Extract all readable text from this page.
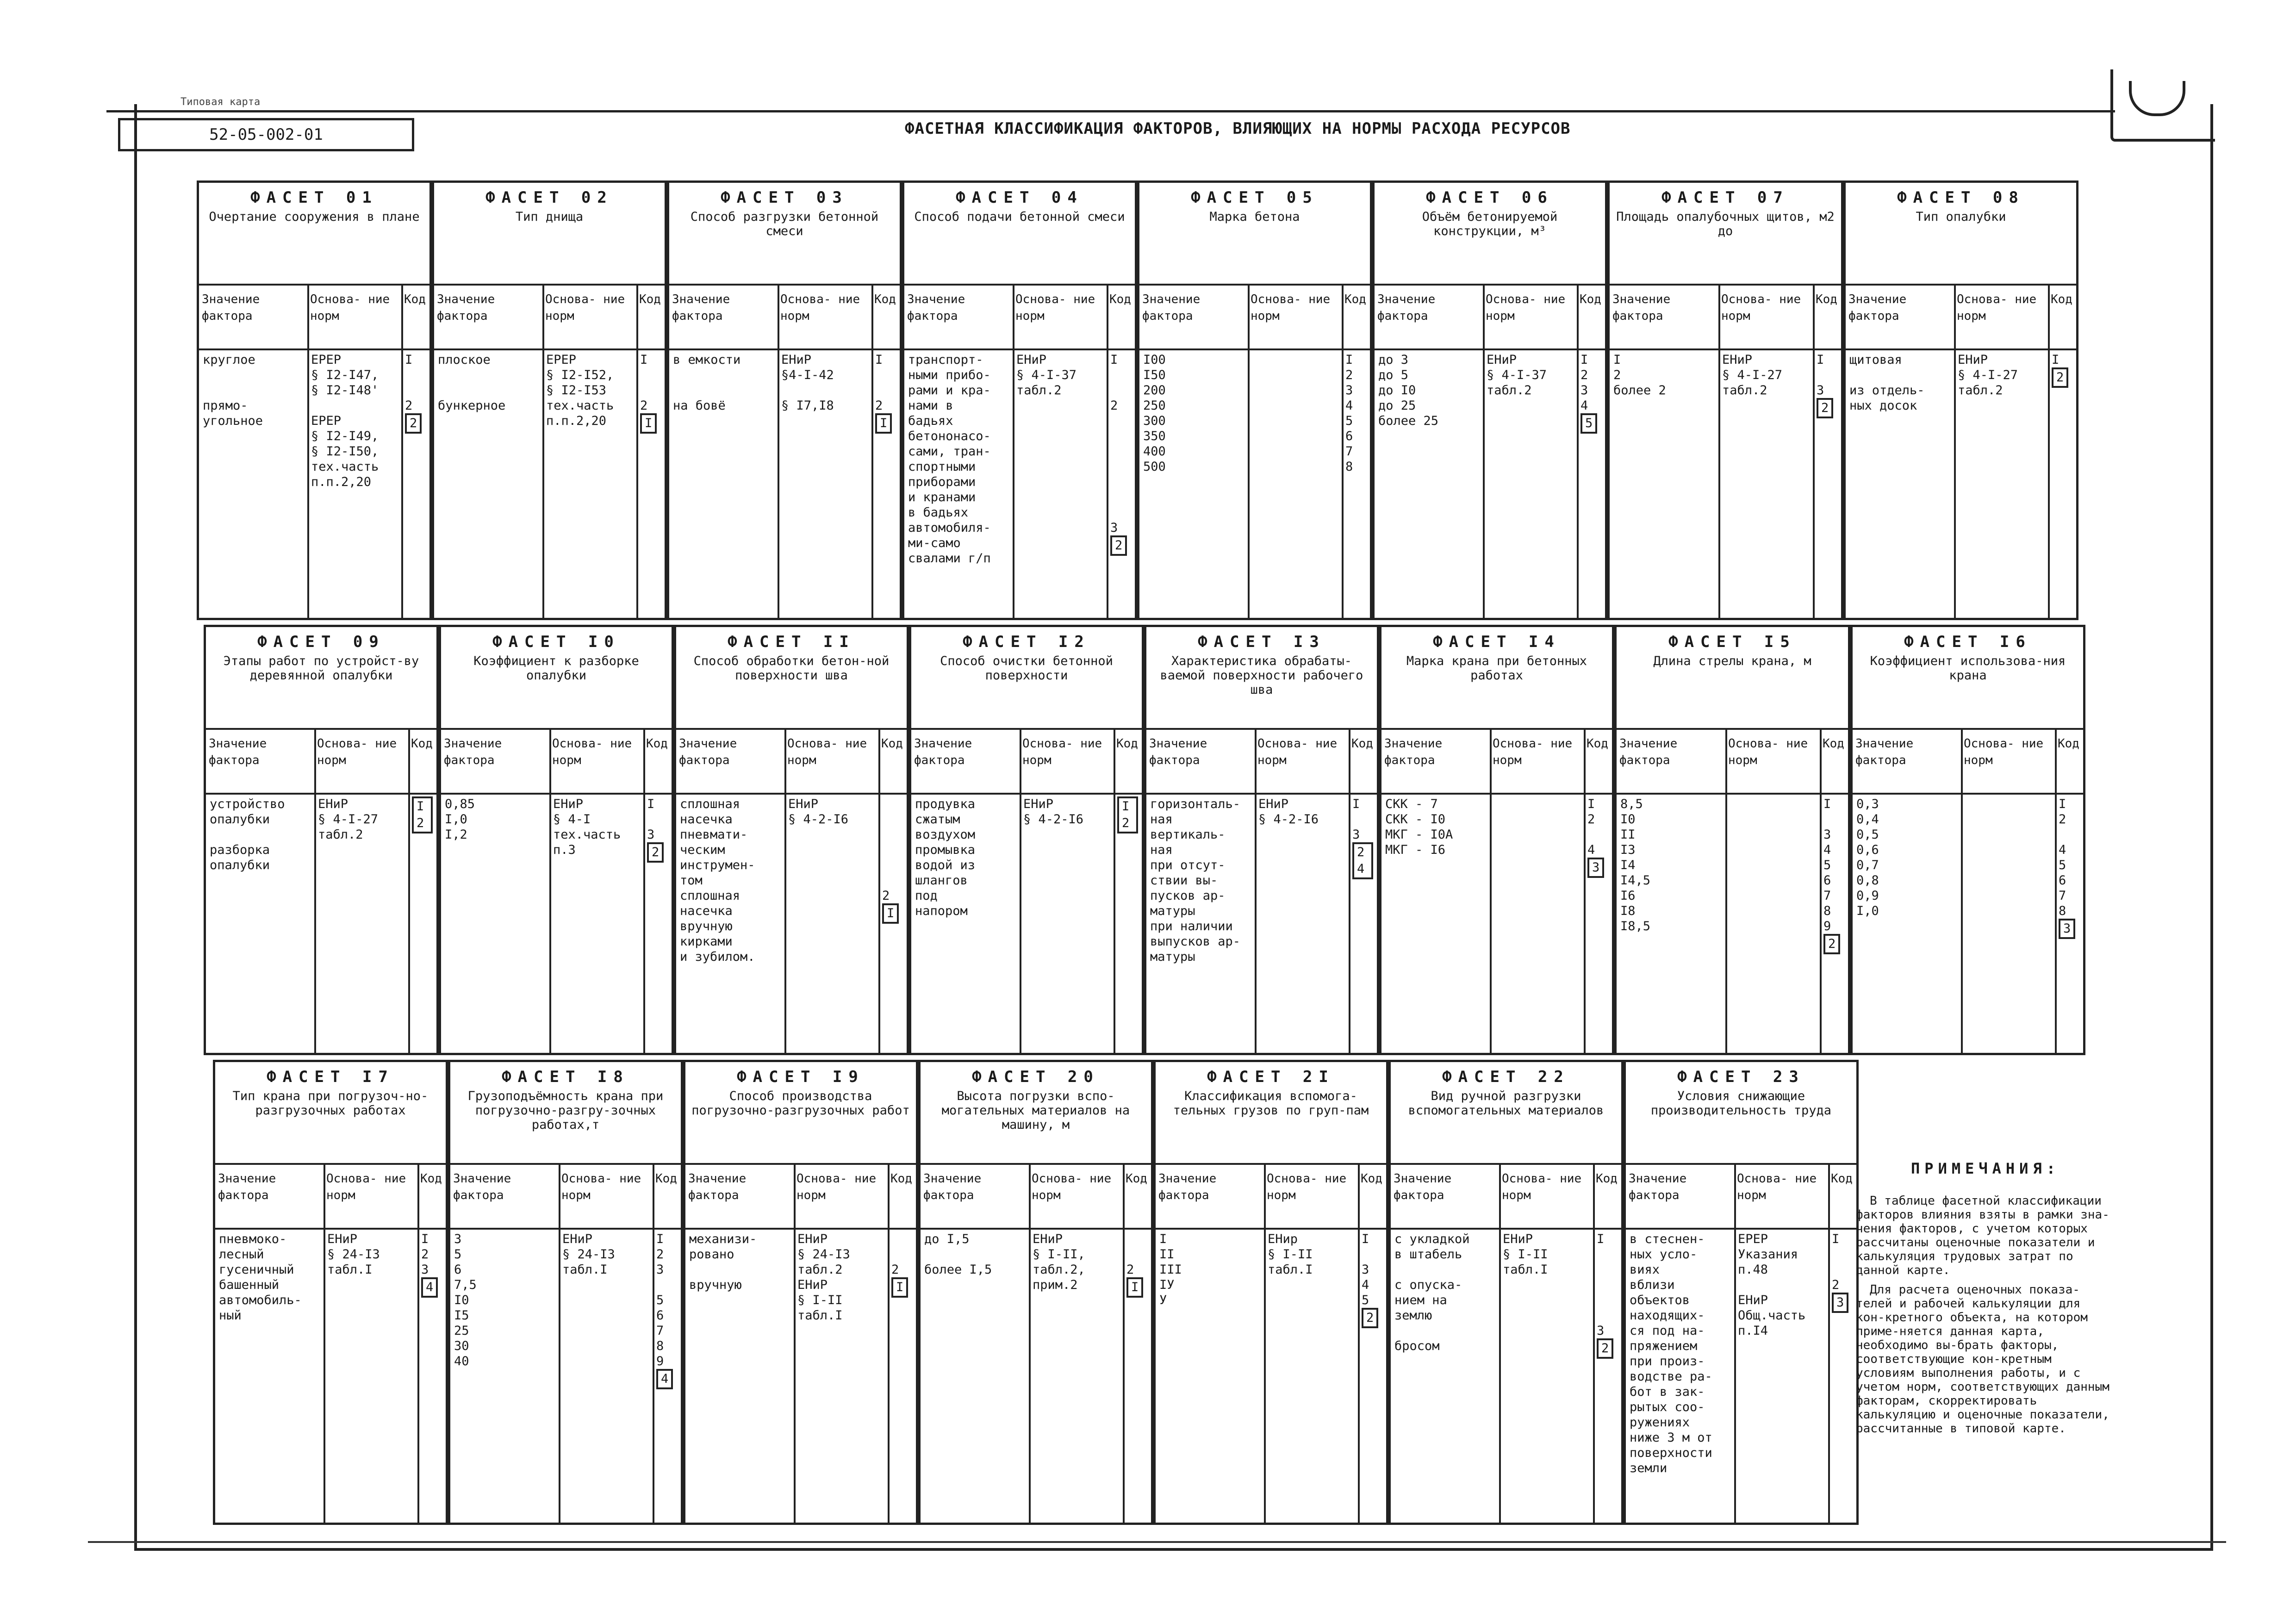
Типовая карта
52-05-002-01	ФАСЕТНАЯ КЛАССИФИКАЦИЯ ФАКТОРОВ, ВЛИЯЮЩИХ НА НОРМЫ РАСХОДА РЕСУРСОВ
ФАСЕТ 01
Очертание сооружения в плане
Значение фактора
Основа- ние норм
Код
круглое

прямо-
угольное
ЕРЕР
§ I2-I47,
§ I2-I48'

ЕРЕР
§ I2-I49,
§ I2-I50,
тех.часть
п.п.2,20
I

2
2
ФАСЕТ 02
Тип днища
Значение фактора
Основа- ние норм
Код
плоское

бункерное
ЕРЕР
§ I2-I52,
§ I2-I53
тех.часть
п.п.2,20
I

2
I
ФАСЕТ 03
Способ разгрузки бетонной смеси
Значение фактора
Основа- ние норм
Код
в емкости

на бовё
ЕНиР
§4-I-42

§ I7,I8
I

2
I
ФАСЕТ 04
Способ подачи бетонной смеси
Значение фактора
Основа- ние норм
Код
транспорт-
ными прибо-
рами и кра-
нами в
бадьях
бетононасо-
сами, тран-
спортными
приборами
и кранами
в бадьях
автомобиля-
ми-само
свалами г/п
ЕНиР
§ 4-I-37
табл.2
I

2

3
2
ФАСЕТ 05
Марка бетона
Значение фактора
Основа- ние норм
Код
I00
I50
200
250
300
350
400
500
I
2
3
4
5
6
7
8
ФАСЕТ 06
Объём бетонируемой конструкции, м³
Значение фактора
Основа- ние норм
Код
до 3
до 5
до I0
до 25
более 25
ЕНиР
§ 4-I-37
табл.2
I
2
3
4
5
ФАСЕТ 07
Площадь опалубочных щитов, м2 до
Значение фактора
Основа- ние норм
Код
I
2
более 2
ЕНиР
§ 4-I-27
табл.2
I

3
2
ФАСЕТ 08
Тип опалубки
Значение фактора
Основа- ние норм
Код
щитовая

из отдель-
ных досок
ЕНиР
§ 4-I-27
табл.2
I
2
ФАСЕТ 09
Этапы работ по устройст-ву деревянной опалубки
Значение фактора
Основа- ние норм
Код
устройство
опалубки

разборка
опалубки
ЕНиР
§ 4-I-27
табл.2
I 2
ФАСЕТ I0
Коэффициент к разборке опалубки
Значение фактора
Основа- ние норм
Код
0,85
I,0
I,2
ЕНиР
§ 4-I
тех.часть
п.3
I

3
2
ФАСЕТ II
Способ обработки бетон-ной поверхности шва
Значение фактора
Основа- ние норм
Код
сплошная
насечка
пневмати-
ческим
инструмен-
том
сплошная
насечка
вручную
кирками
и зубилом.
ЕНиР
§ 4-2-I6

2
I
ФАСЕТ I2
Способ очистки бетонной поверхности
Значение фактора
Основа- ние норм
Код
продувка
сжатым
воздухом
промывка
водой из
шлангов
под
напором
ЕНиР
§ 4-2-I6
I 2
ФАСЕТ I3
Характеристика обрабаты-ваемой поверхности рабочего шва
Значение фактора
Основа- ние норм
Код
горизонталь-
ная
вертикаль-
ная
при отсут-
ствии вы-
пусков ар-
матуры
при наличии
выпусков ар-
матуры
ЕНиР
§ 4-2-I6
I

3
2 4
ФАСЕТ I4
Марка крана при бетонных работах
Значение фактора
Основа- ние норм
Код
СКК - 7
СКК - I0
МКГ - I0А
МКГ - I6
I
2

4
3
ФАСЕТ I5
Длина стрелы крана, м
Значение фактора
Основа- ние норм
Код
8,5
I0
II
I3
I4
I4,5
I6
I8
I8,5
I

3
4
5
6
7
8
9
2
ФАСЕТ I6
Коэффициент использова-ния крана
Значение фактора
Основа- ние норм
Код
0,3
0,4
0,5
0,6
0,7
0,8
0,9
I,0
I
2

4
5
6
7
8
3
ФАСЕТ I7
Тип крана при погрузоч-но-разгрузочных работах
Значение фактора
Основа- ние норм
Код
пневмоко-
лесный
гусеничный
башенный
автомобиль-
ный
ЕНиР
§ 24-I3
табл.I
I
2
3
4
ФАСЕТ I8
Грузоподъёмность крана при погрузочно-разгру-зочных работах,т
Значение фактора
Основа- ние норм
Код
3
5
6
7,5
I0
I5
25
30
40
ЕНиР
§ 24-I3
табл.I
I
2
3

5
6
7
8
9
4
ФАСЕТ I9
Способ производства погрузочно-разгрузочных работ
Значение фактора
Основа- ние норм
Код
механизи-
ровано

вручную
ЕНиР
§ 24-I3
табл.2
ЕНиР
§ I-II
табл.I

2
I
ФАСЕТ 20
Высота погрузки вспо-могательных материалов на машину, м
Значение фактора
Основа- ние норм
Код
до I,5

более I,5
ЕНиР
§ I-II,
табл.2,
прим.2

2
I
ФАСЕТ 2I
Классификация вспомога-тельных грузов по груп-пам
Значение фактора
Основа- ние норм
Код
I
II
III
IУ
У
ЕНир
§ I-II
табл.I
I

3
4
5
2
ФАСЕТ 22
Вид ручной разгрузки вспомогательных материалов
Значение фактора
Основа- ние норм
Код
с укладкой
в штабель

с опуска-
нием на
землю

бросом
ЕНиР
§ I-II
табл.I
I

3
2
ФАСЕТ 23
Условия снижающие производительность труда
Значение фактора
Основа- ние норм
Код
в стеснен-
ных усло-
виях
вблизи
объектов
находящих-
ся под на-
пряжением
при произ-
водстве ра-
бот в зак-
рытых соо-
ружениях
ниже 3 м от
поверхности
земли
ЕРЕР
Указания
п.48

ЕНиР
Общ.часть
п.I4
I

2
3
ПРИМЕЧАНИЯ:

В таблице фасетной классификации факторов влияния взяты в рамки зна-чения факторов, с учетом которых рассчитаны оценочные показатели и калькуляция трудовых затрат по данной карте.

Для расчета оценочных показа-телей и рабочей калькуляции для кон-кретного объекта, на котором приме-няется данная карта, необходимо вы-брать факторы, соответствующие кон-кретным условиям выполнения работы, и с учетом норм, соответствующих данным факторам, скорректировать калькуляцию и оценочные показатели, рассчитанные в типовой карте.
